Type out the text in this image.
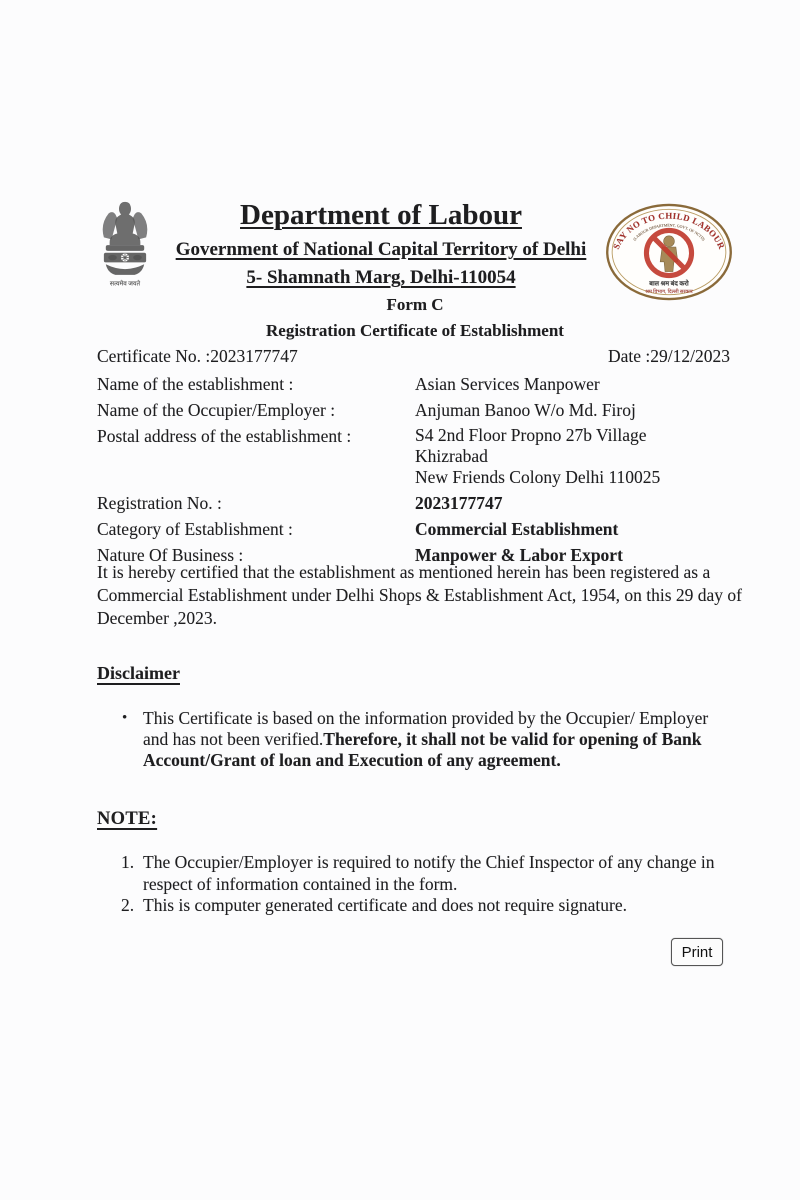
सत्यमेव जयते
Department of Labour
Government of National Capital Territory of Delhi
5- Shamnath Marg, Delhi-110054
SAY NO TO CHILD LABOUR
(LABOUR DEPARTMENT, GOVT. OF NCTD)
बाल श्रम बंद करो
श्रम विभाग, दिल्ली सरकार
Form C
Registration Certificate of Establishment
Certificate No. :2023177747	Date :29/12/2023
Name of the establishment :	Asian Services Manpower
Name of the Occupier/Employer :	Anjuman Banoo W/o Md. Firoj
Postal address of the establishment :	S4 2nd Floor Propno 27b Village
Khizrabad
New Friends Colony Delhi 110025
Registration No. :	2023177747
Category of Establishment :	Commercial Establishment
Nature Of Business :	Manpower & Labor Export

It is hereby certified that the establishment as mentioned herein has been registered as a Commercial Establishment under Delhi Shops & Establishment Act, 1954, on this 29 day of December ,2023.

Disclaimer
• This Certificate is based on the information provided by the Occupier/ Employer and has not been verified.Therefore, it shall not be valid for opening of Bank Account/Grant of loan and Execution of any agreement.

NOTE:
1. The Occupier/Employer is required to notify the Chief Inspector of any change in respect of information contained in the form.

2. This is computer generated certificate and does not require signature.

Print
